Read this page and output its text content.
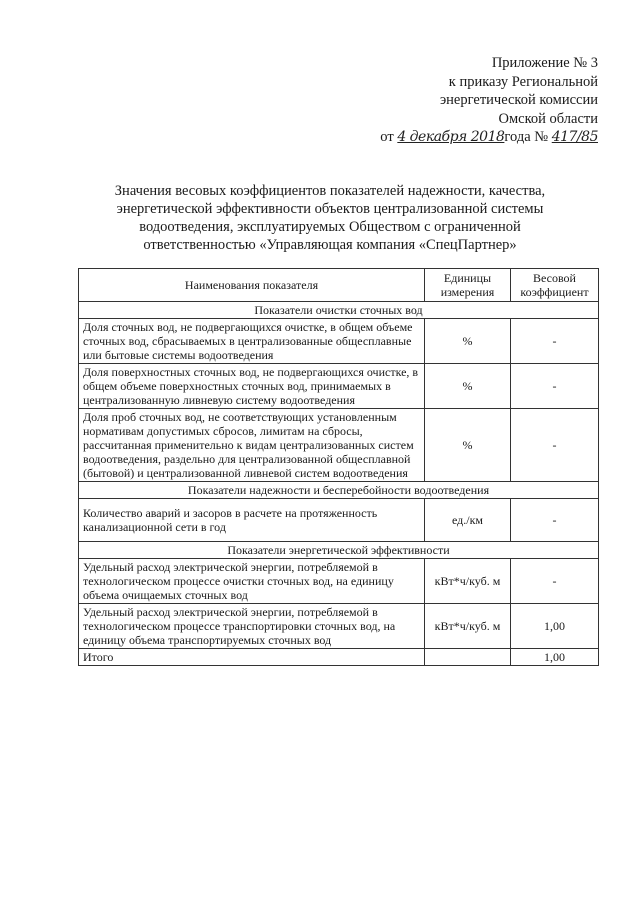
Приложение № 3
к приказу Региональной
энергетической комиссии
Омской области
от 4 декабря 2018года № 417/85
Значения весовых коэффициентов показателей надежности, качества,
энергетической эффективности объектов централизованной системы
водоотведения, эксплуатируемых Обществом с ограниченной
ответственностью «Управляющая компания «СпецПартнер»
Наименования показателя	Единицы измерения	Весовой коэффициент
Показатели очистки сточных вод		
Доля сточных вод, не подвергающихся очистке, в общем объеме сточных вод, сбрасываемых в централизованные общесплавные или бытовые системы водоотведения	%	-
Доля поверхностных сточных вод, не подвергающихся очистке, в общем объеме поверхностных сточных вод, принимаемых в централизованную ливневую систему водоотведения	%	-
Доля проб сточных вод, не соответствующих установленным нормативам допустимых сбросов, лимитам на сбросы, рассчитанная применительно к видам централизованных систем водоотведения, раздельно для централизованной общесплавной (бытовой) и централизованной ливневой систем водоотведения	%	-
Показатели надежности и бесперебойности водоотведения		
Количество аварий и засоров в расчете на протяженность канализационной сети в год	ед./км	-
Показатели энергетической эффективности		
Удельный расход электрической энергии, потребляемой в технологическом процессе очистки сточных вод, на единицу объема очищаемых сточных вод	кВт*ч/куб. м	-
Удельный расход электрической энергии, потребляемой в технологическом процессе транспортировки сточных вод, на единицу объема транспортируемых сточных вод	кВт*ч/куб. м	1,00
Итого		1,00
